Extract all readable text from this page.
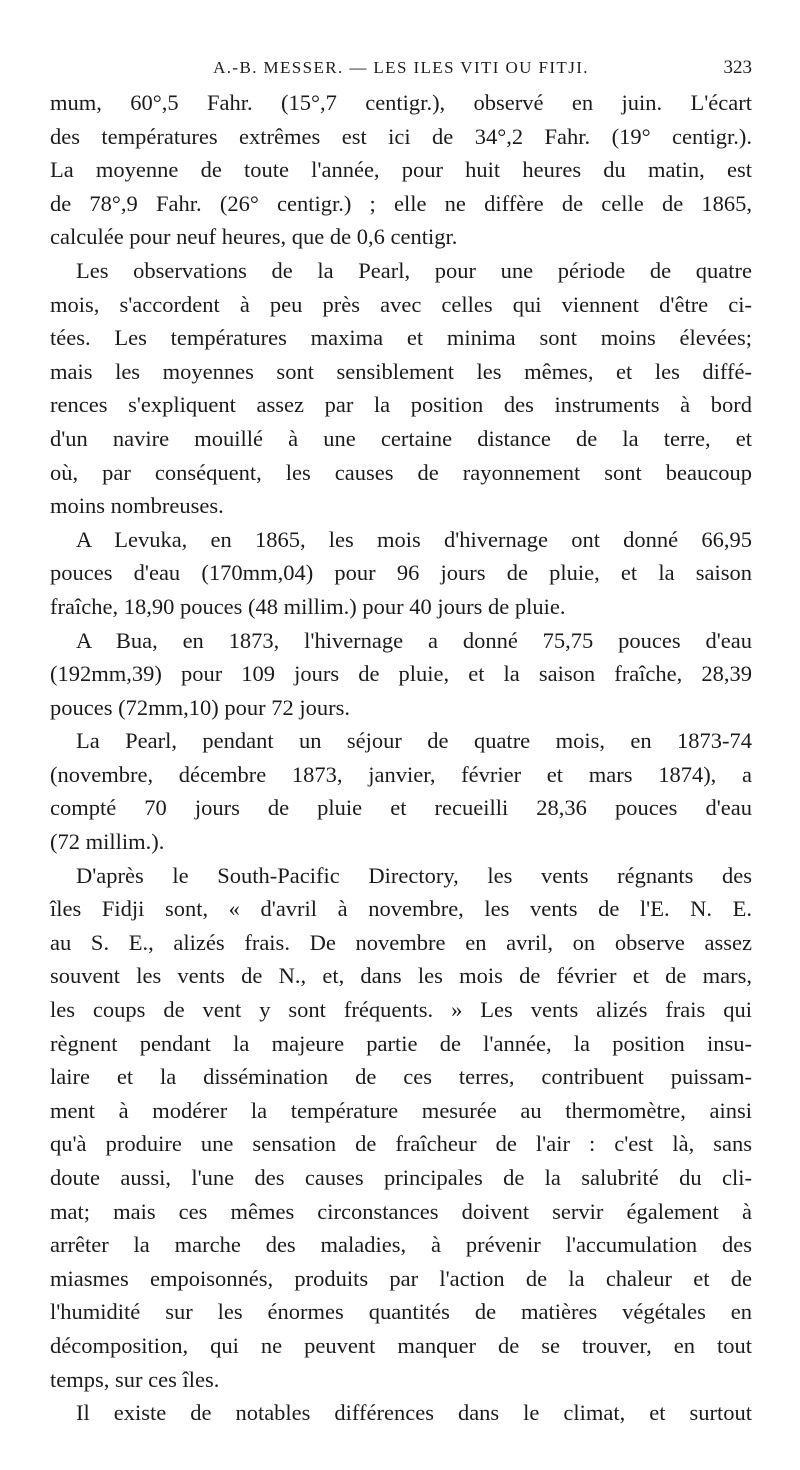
A.-B. MESSER. — LES ILES VITI OU FITJI.	323
mum, 60°,5 Fahr. (15°,7 centigr.), observé en juin. L'écart
des températures extrêmes est ici de 34°,2 Fahr. (19° centigr.).
La moyenne de toute l'année, pour huit heures du matin, est
de 78°,9 Fahr. (26° centigr.) ; elle ne diffère de celle de 1865,
calculée pour neuf heures, que de 0,6 centigr.
Les observations de la Pearl, pour une période de quatre
mois, s'accordent à peu près avec celles qui viennent d'être ci-
tées. Les températures maxima et minima sont moins élevées;
mais les moyennes sont sensiblement les mêmes, et les diffé-
rences s'expliquent assez par la position des instruments à bord
d'un navire mouillé à une certaine distance de la terre, et
où, par conséquent, les causes de rayonnement sont beaucoup
moins nombreuses.
A Levuka, en 1865, les mois d'hivernage ont donné 66,95
pouces d'eau (170mm,04) pour 96 jours de pluie, et la saison
fraîche, 18,90 pouces (48 millim.) pour 40 jours de pluie.
A Bua, en 1873, l'hivernage a donné 75,75 pouces d'eau
(192mm,39) pour 109 jours de pluie, et la saison fraîche, 28,39
pouces (72mm,10) pour 72 jours.
La Pearl, pendant un séjour de quatre mois, en 1873-74
(novembre, décembre 1873, janvier, février et mars 1874), a
compté 70 jours de pluie et recueilli 28,36 pouces d'eau
(72 millim.).
D'après le South-Pacific Directory, les vents régnants des
îles Fidji sont, « d'avril à novembre, les vents de l'E. N. E.
au S. E., alizés frais. De novembre en avril, on observe assez
souvent les vents de N., et, dans les mois de février et de mars,
les coups de vent y sont fréquents. » Les vents alizés frais qui
règnent pendant la majeure partie de l'année, la position insu-
laire et la dissémination de ces terres, contribuent puissam-
ment à modérer la température mesurée au thermomètre, ainsi
qu'à produire une sensation de fraîcheur de l'air : c'est là, sans
doute aussi, l'une des causes principales de la salubrité du cli-
mat; mais ces mêmes circonstances doivent servir également à
arrêter la marche des maladies, à prévenir l'accumulation des
miasmes empoisonnés, produits par l'action de la chaleur et de
l'humidité sur les énormes quantités de matières végétales en
décomposition, qui ne peuvent manquer de se trouver, en tout
temps, sur ces îles.
Il existe de notables différences dans le climat, et surtout
